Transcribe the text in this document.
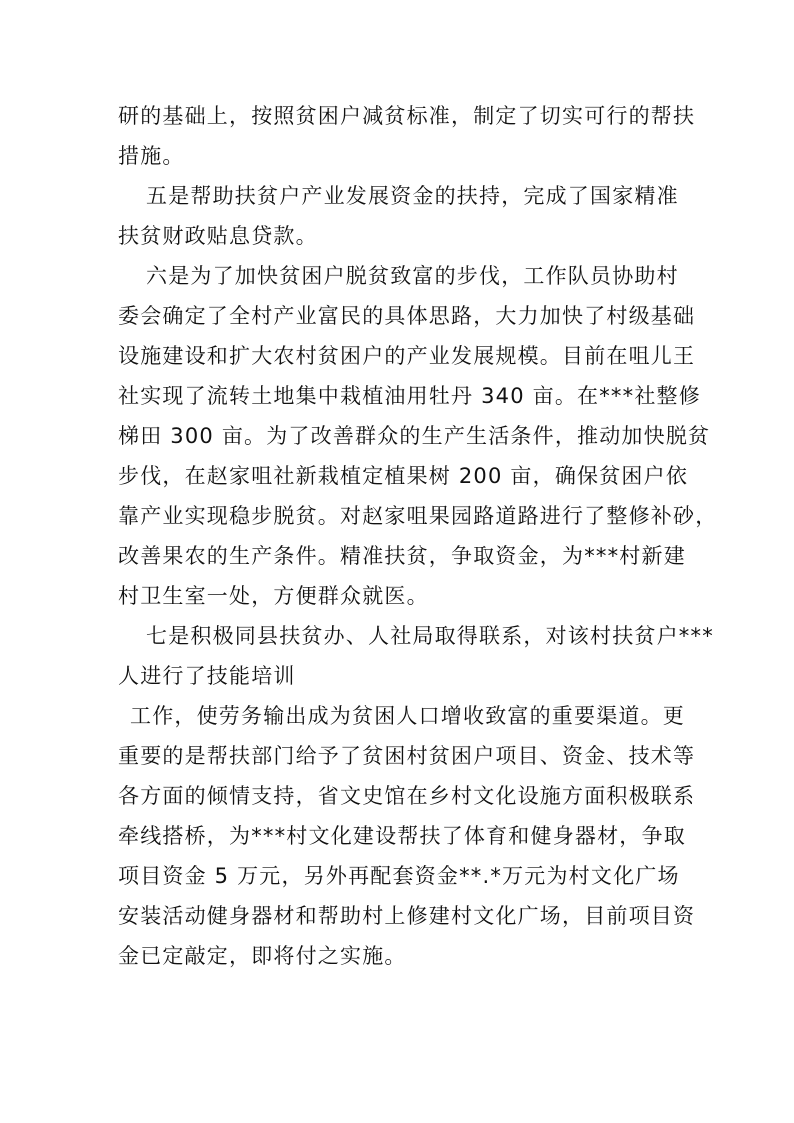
研的基础上，按照贫困户减贫标准，制定了切实可行的帮扶
措施。
五是帮助扶贫户产业发展资金的扶持，完成了国家精准
扶贫财政贴息贷款。
六是为了加快贫困户脱贫致富的步伐，工作队员协助村
委会确定了全村产业富民的具体思路，大力加快了村级基础
设施建设和扩大农村贫困户的产业发展规模。目前在咀儿王
社实现了流转土地集中栽植油用牡丹 340 亩。在***社整修
梯田 300 亩。为了改善群众的生产生活条件，推动加快脱贫
步伐，在赵家咀社新栽植定植果树 200 亩，确保贫困户依
靠产业实现稳步脱贫。对赵家咀果园路道路进行了整修补砂，
改善果农的生产条件。精准扶贫，争取资金，为***村新建
村卫生室一处，方便群众就医。
七是积极同县扶贫办、人社局取得联系，对该村扶贫户***
人进行了技能培训
工作，使劳务输出成为贫困人口增收致富的重要渠道。更
重要的是帮扶部门给予了贫困村贫困户项目、资金、技术等
各方面的倾情支持，省文史馆在乡村文化设施方面积极联系
牵线搭桥，为***村文化建设帮扶了体育和健身器材，争取
项目资金 5 万元，另外再配套资金**.*万元为村文化广场
安装活动健身器材和帮助村上修建村文化广场，目前项目资
金已定敲定，即将付之实施。
